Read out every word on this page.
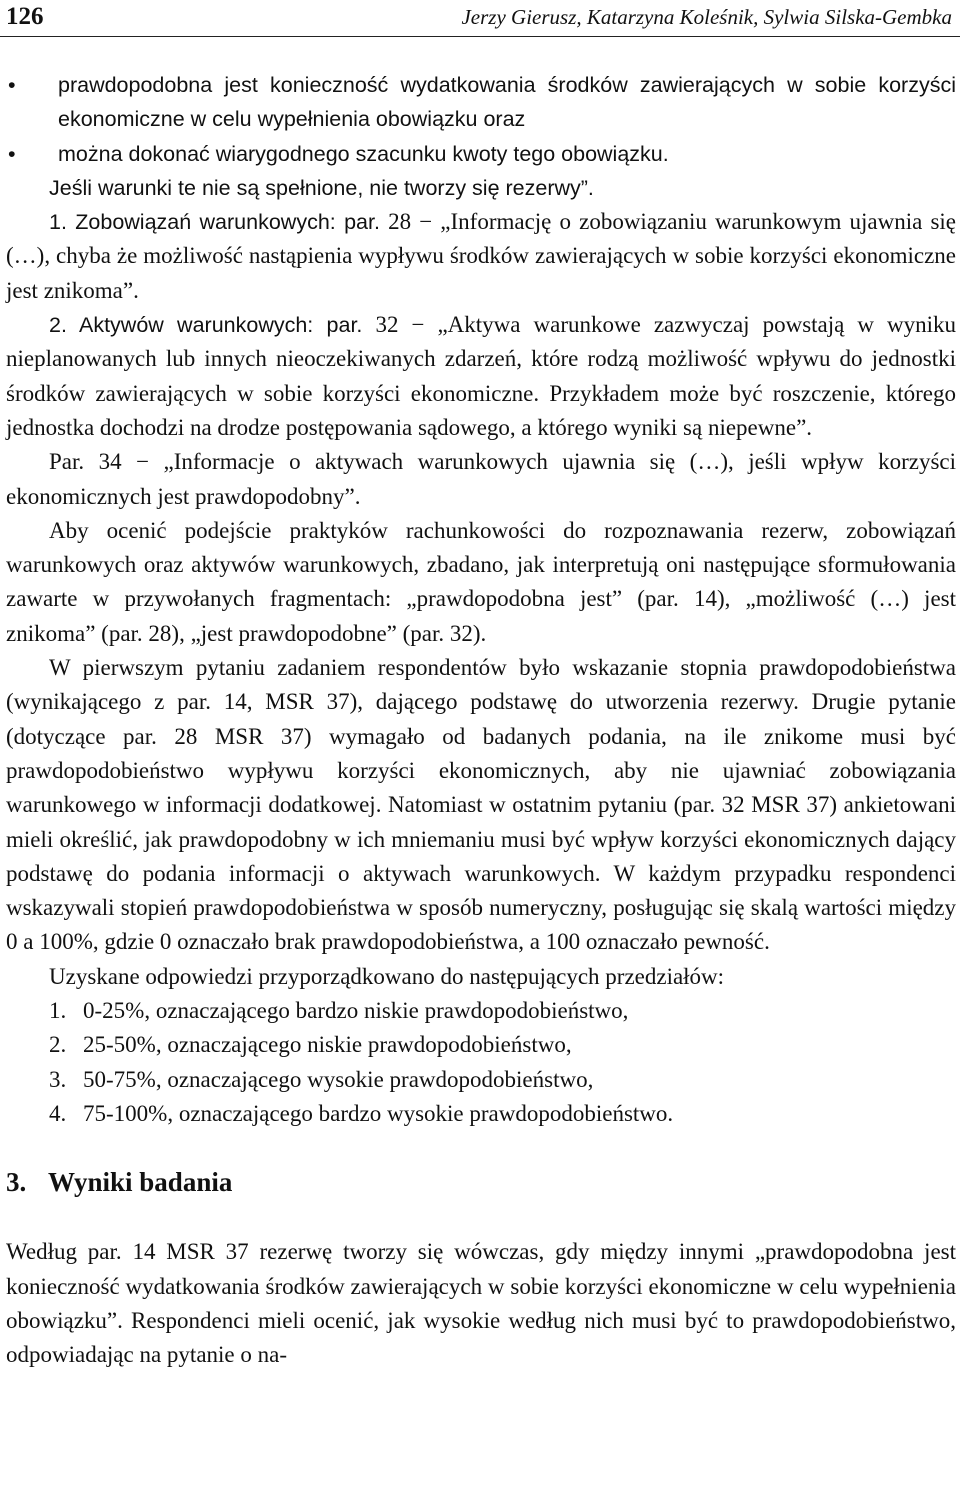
126	Jerzy Gierusz, Katarzyna Koleśnik, Sylwia Silska-Gembka

• prawdopodobna jest konieczność wydatkowania środków zawierających w sobie korzyści ekonomiczne w celu wypełnienia obowiązku oraz

• można dokonać wiarygodnego szacunku kwoty tego obowiązku.

Jeśli warunki te nie są spełnione, nie tworzy się rezerwy”.

1. Zobowiązań warunkowych: par. 28 − „Informację o zobowiązaniu warunkowym ujawnia się (…), chyba że możliwość nastąpienia wypływu środków zawierających w sobie korzyści ekonomiczne jest znikoma”.

2. Aktywów warunkowych: par. 32 − „Aktywa warunkowe zazwyczaj powstają w wyniku nieplanowanych lub innych nieoczekiwanych zdarzeń, które rodzą możliwość wpływu do jednostki środków zawierających w sobie korzyści ekonomiczne. Przykładem może być roszczenie, którego jednostka dochodzi na drodze postępowania sądowego, a którego wyniki są niepewne”.

Par. 34 − „Informacje o aktywach warunkowych ujawnia się (…), jeśli wpływ korzyści ekonomicznych jest prawdopodobny”.

Aby ocenić podejście praktyków rachunkowości do rozpoznawania rezerw, zobowiązań warunkowych oraz aktywów warunkowych, zbadano, jak interpretują oni następujące sformułowania zawarte w przywołanych fragmentach: „prawdopodobna jest” (par. 14), „możliwość (…) jest znikoma” (par. 28), „jest prawdopodobne” (par. 32).

W pierwszym pytaniu zadaniem respondentów było wskazanie stopnia prawdopodobieństwa (wynikającego z par. 14, MSR 37), dającego podstawę do utworzenia rezerwy. Drugie pytanie (dotyczące par. 28 MSR 37) wymagało od badanych podania, na ile znikome musi być prawdopodobieństwo wypływu korzyści ekonomicznych, aby nie ujawniać zobowiązania warunkowego w informacji dodatkowej. Natomiast w ostatnim pytaniu (par. 32 MSR 37) ankietowani mieli określić, jak prawdopodobny w ich mniemaniu musi być wpływ korzyści ekonomicznych dający podstawę do podania informacji o aktywach warunkowych. W każdym przypadku respondenci wskazywali stopień prawdopodobieństwa w sposób numeryczny, posługując się skalą wartości między 0 a 100%, gdzie 0 oznaczało brak prawdopodobieństwa, a 100 oznaczało pewność.

Uzyskane odpowiedzi przyporządkowano do następujących przedziałów:

1. 0-25%, oznaczającego bardzo niskie prawdopodobieństwo,

2. 25-50%, oznaczającego niskie prawdopodobieństwo,

3. 50-75%, oznaczającego wysokie prawdopodobieństwo,

4. 75-100%, oznaczającego bardzo wysokie prawdopodobieństwo.

3. Wyniki badania

Według par. 14 MSR 37 rezerwę tworzy się wówczas, gdy między innymi „prawdopodobna jest konieczność wydatkowania środków zawierających w sobie korzyści ekonomiczne w celu wypełnienia obowiązku”. Respondenci mieli ocenić, jak wysokie według nich musi być to prawdopodobieństwo, odpowiadając na pytanie o na-
